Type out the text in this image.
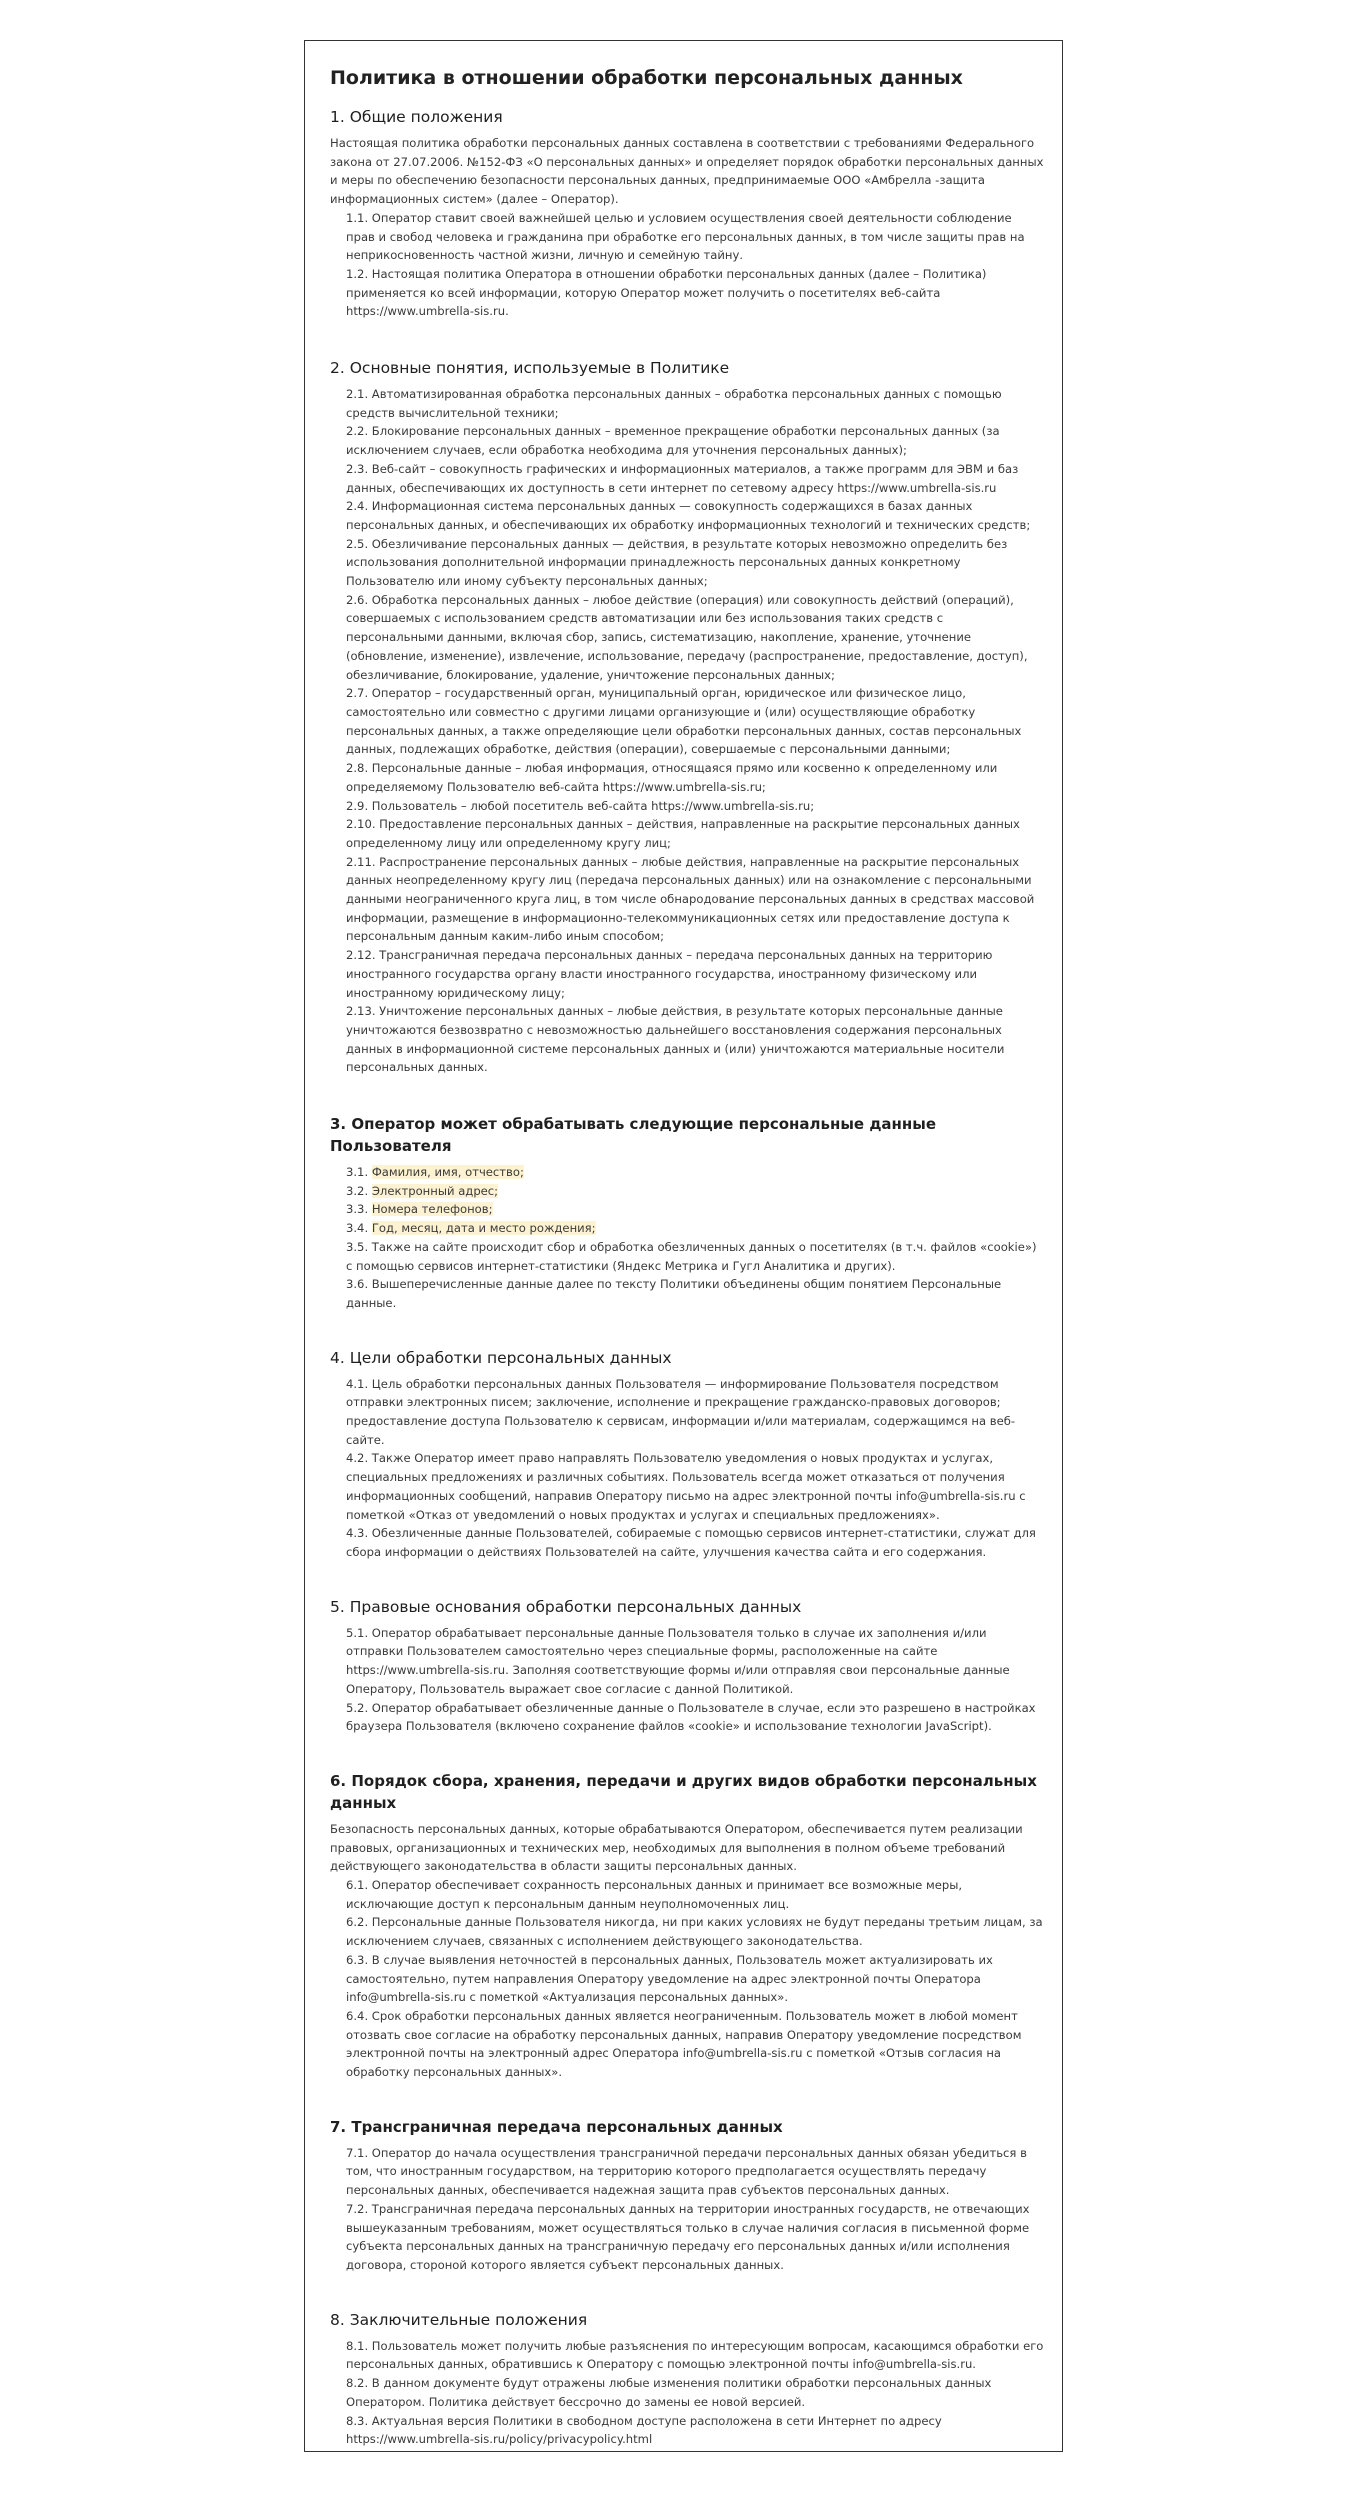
Политика в отношении обработки персональных данных
1. Общие положения

Настоящая политика обработки персональных данных составлена в соответствии с требованиями Федерального закона от 27.07.2006. №152-ФЗ «О персональных данных» и определяет порядок обработки персональных данных и меры по обеспечению безопасности персональных данных, предпринимаемые ООО «Амбрелла -защита информационных систем» (далее – Оператор).

1.1. Оператор ставит своей важнейшей целью и условием осуществления своей деятельности соблюдение прав и свобод человека и гражданина при обработке его персональных данных, в том числе защиты прав на неприкосновенность частной жизни, личную и семейную тайну.

1.2. Настоящая политика Оператора в отношении обработки персональных данных (далее – Политика) применяется ко всей информации, которую Оператор может получить о посетителях веб-сайта https://www.umbrella-sis.ru.

2. Основные понятия, используемые в Политике

2.1. Автоматизированная обработка персональных данных – обработка персональных данных с помощью средств вычислительной техники;

2.2. Блокирование персональных данных – временное прекращение обработки персональных данных (за исключением случаев, если обработка необходима для уточнения персональных данных);

2.3. Веб-сайт – совокупность графических и информационных материалов, а также программ для ЭВМ и баз данных, обеспечивающих их доступность в сети интернет по сетевому адресу https://www.umbrella-sis.ru

2.4. Информационная система персональных данных — совокупность содержащихся в базах данных персональных данных, и обеспечивающих их обработку информационных технологий и технических средств;

2.5. Обезличивание персональных данных — действия, в результате которых невозможно определить без использования дополнительной информации принадлежность персональных данных конкретному Пользователю или иному субъекту персональных данных;

2.6. Обработка персональных данных – любое действие (операция) или совокупность действий (операций), совершаемых с использованием средств автоматизации или без использования таких средств с персональными данными, включая сбор, запись, систематизацию, накопление, хранение, уточнение (обновление, изменение), извлечение, использование, передачу (распространение, предоставление, доступ), обезличивание, блокирование, удаление, уничтожение персональных данных;

2.7. Оператор – государственный орган, муниципальный орган, юридическое или физическое лицо, самостоятельно или совместно с другими лицами организующие и (или) осуществляющие обработку персональных данных, а также определяющие цели обработки персональных данных, состав персональных данных, подлежащих обработке, действия (операции), совершаемые с персональными данными;

2.8. Персональные данные – любая информация, относящаяся прямо или косвенно к определенному или определяемому Пользователю веб-сайта https://www.umbrella-sis.ru;

2.9. Пользователь – любой посетитель веб-сайта https://www.umbrella-sis.ru;

2.10. Предоставление персональных данных – действия, направленные на раскрытие персональных данных определенному лицу или определенному кругу лиц;

2.11. Распространение персональных данных – любые действия, направленные на раскрытие персональных данных неопределенному кругу лиц (передача персональных данных) или на ознакомление с персональными данными неограниченного круга лиц, в том числе обнародование персональных данных в средствах массовой информации, размещение в информационно-телекоммуникационных сетях или предоставление доступа к персональным данным каким-либо иным способом;

2.12. Трансграничная передача персональных данных – передача персональных данных на территорию иностранного государства органу власти иностранного государства, иностранному физическому или иностранному юридическому лицу;

2.13. Уничтожение персональных данных – любые действия, в результате которых персональные данные уничтожаются безвозвратно с невозможностью дальнейшего восстановления содержания персональных данных в информационной системе персональных данных и (или) уничтожаются материальные носители персональных данных.

3. Оператор может обрабатывать следующие персональные данные Пользователя

3.1. Фамилия, имя, отчество;

3.2. Электронный адрес;

3.3. Номера телефонов;

3.4. Год, месяц, дата и место рождения;

3.5. Также на сайте происходит сбор и обработка обезличенных данных о посетителях (в т.ч. файлов «cookie») с помощью сервисов интернет-статистики (Яндекс Метрика и Гугл Аналитика и других).

3.6. Вышеперечисленные данные далее по тексту Политики объединены общим понятием Персональные данные.

4. Цели обработки персональных данных

4.1. Цель обработки персональных данных Пользователя — информирование Пользователя посредством отправки электронных писем; заключение, исполнение и прекращение гражданско-правовых договоров; предоставление доступа Пользователю к сервисам, информации и/или материалам, содержащимся на веб-сайте.

4.2. Также Оператор имеет право направлять Пользователю уведомления о новых продуктах и услугах, специальных предложениях и различных событиях. Пользователь всегда может отказаться от получения информационных сообщений, направив Оператору письмо на адрес электронной почты info@umbrella-sis.ru с пометкой «Отказ от уведомлений о новых продуктах и услугах и специальных предложениях».

4.3. Обезличенные данные Пользователей, собираемые с помощью сервисов интернет-статистики, служат для сбора информации о действиях Пользователей на сайте, улучшения качества сайта и его содержания.

5. Правовые основания обработки персональных данных

5.1. Оператор обрабатывает персональные данные Пользователя только в случае их заполнения и/или отправки Пользователем самостоятельно через специальные формы, расположенные на сайте https://www.umbrella-sis.ru. Заполняя соответствующие формы и/или отправляя свои персональные данные Оператору, Пользователь выражает свое согласие с данной Политикой.

5.2. Оператор обрабатывает обезличенные данные о Пользователе в случае, если это разрешено в настройках браузера Пользователя (включено сохранение файлов «cookie» и использование технологии JavaScript).

6. Порядок сбора, хранения, передачи и других видов обработки персональных данных

Безопасность персональных данных, которые обрабатываются Оператором, обеспечивается путем реализации правовых, организационных и технических мер, необходимых для выполнения в полном объеме требований действующего законодательства в области защиты персональных данных.

6.1. Оператор обеспечивает сохранность персональных данных и принимает все возможные меры, исключающие доступ к персональным данным неуполномоченных лиц.

6.2. Персональные данные Пользователя никогда, ни при каких условиях не будут переданы третьим лицам, за исключением случаев, связанных с исполнением действующего законодательства.

6.3. В случае выявления неточностей в персональных данных, Пользователь может актуализировать их самостоятельно, путем направления Оператору уведомление на адрес электронной почты Оператора info@umbrella-sis.ru с пометкой «Актуализация персональных данных».

6.4. Срок обработки персональных данных является неограниченным. Пользователь может в любой момент отозвать свое согласие на обработку персональных данных, направив Оператору уведомление посредством электронной почты на электронный адрес Оператора info@umbrella-sis.ru с пометкой «Отзыв согласия на обработку персональных данных».

7. Трансграничная передача персональных данных

7.1. Оператор до начала осуществления трансграничной передачи персональных данных обязан убедиться в том, что иностранным государством, на территорию которого предполагается осуществлять передачу персональных данных, обеспечивается надежная защита прав субъектов персональных данных.

7.2. Трансграничная передача персональных данных на территории иностранных государств, не отвечающих вышеуказанным требованиям, может осуществляться только в случае наличия согласия в письменной форме субъекта персональных данных на трансграничную передачу его персональных данных и/или исполнения договора, стороной которого является субъект персональных данных.

8. Заключительные положения

8.1. Пользователь может получить любые разъяснения по интересующим вопросам, касающимся обработки его персональных данных, обратившись к Оператору с помощью электронной почты info@umbrella-sis.ru.

8.2. В данном документе будут отражены любые изменения политики обработки персональных данных Оператором. Политика действует бессрочно до замены ее новой версией.

8.3. Актуальная версия Политики в свободном доступе расположена в сети Интернет по адресу https://www.umbrella-sis.ru/policy/privacypolicy.html
